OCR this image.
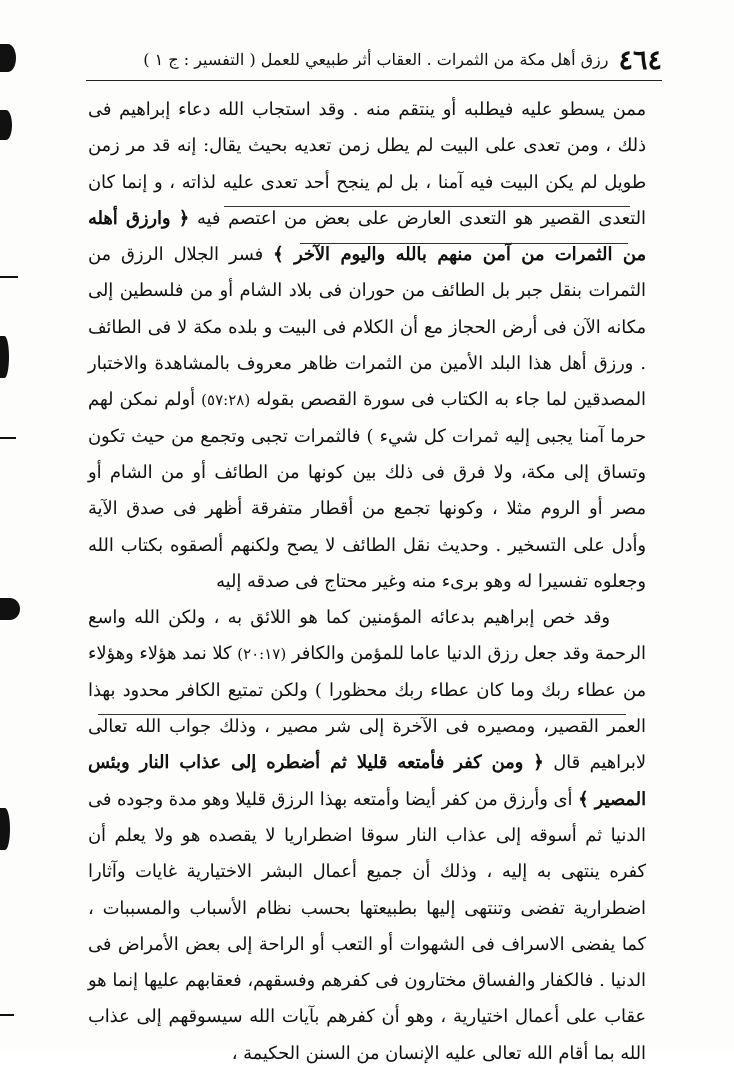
٤٦٤
رزق أهل مكة من الثمرات . العقاب أثر طبيعي للعمل ( التفسير : ج ١ )

ممن يسطو عليه فيطلبه أو ينتقم منه . وقد استجاب الله دعاء إبراهيم فى ذلك ، ومن تعدى على البيت لم يطل زمن تعديه بحيث يقال: إنه قد مر زمن طويل لم يكن البيت فيه آمنا ، بل لم ينجح أحد تعدى عليه لذاته ، و إنما كان التعدى القصير هو التعدى العارض على بعض من اعتصم فيه ﴿ وارزق أهله من الثمرات من آمن منهم بالله واليوم الآخر ﴾ فسر الجلال الرزق من الثمرات بنقل جبر بل الطائف من حوران فى بلاد الشام أو من فلسطين إلى مكانه الآن فى أرض الحجاز مع أن الكلام فى البيت و بلده مكة لا فى الطائف . ورزق أهل هذا البلد الأمين من الثمرات ظاهر معروف بالمشاهدة والاختبار المصدقين لما جاء به الكتاب فى سورة القصص بقوله (٥٧:٢٨) أولم نمكن لهم حرما آمنا يجبى إليه ثمرات كل شيء ) فالثمرات تجبى وتجمع من حيث تكون وتساق إلى مكة، ولا فرق فى ذلك بين كونها من الطائف أو من الشام أو مصر أو الروم مثلا ، وكونها تجمع من أقطار متفرقة أظهر فى صدق الآية وأدل على التسخير . وحديث نقل الطائف لا يصح ولكنهم ألصقوه بكتاب الله وجعلوه تفسيرا له وهو برىء منه وغير محتاج فى صدقه إليه

وقد خص إبراهيم بدعائه المؤمنين كما هو اللائق به ، ولكن الله واسع الرحمة وقد جعل رزق الدنيا عاما للمؤمن والكافر (٢٠:١٧) كلا نمد هؤلاء وهؤلاء من عطاء ربك وما كان عطاء ربك محظورا ) ولكن تمتيع الكافر محدود بهذا العمر القصير، ومصيره فى الآخرة إلى شر مصير ، وذلك جواب الله تعالى لابراهيم قال ﴿ ومن كفر فأمتعه قليلا ثم أضطره إلى عذاب النار وبئس المصير ﴾ أى وأرزق من كفر أيضا وأمتعه بهذا الرزق قليلا وهو مدة وجوده فى الدنيا ثم أسوقه إلى عذاب النار سوقا اضطراريا لا يقصده هو ولا يعلم أن كفره ينتهى به إليه ، وذلك أن جميع أعمال البشر الاختيارية غايات وآثارا اضطرارية تفضى وتنتهى إليها بطبيعتها بحسب نظام الأسباب والمسببات ، كما يفضى الاسراف فى الشهوات أو التعب أو الراحة إلى بعض الأمراض فى الدنيا . فالكفار والفساق مختارون فى كفرهم وفسقهم، فعقابهم عليها إنما هو عقاب على أعمال اختيارية ، وهو أن كفرهم بآيات الله سيسوقهم إلى عذاب الله بما أقام الله تعالى عليه الإنسان من السنن الحكيمة ،
